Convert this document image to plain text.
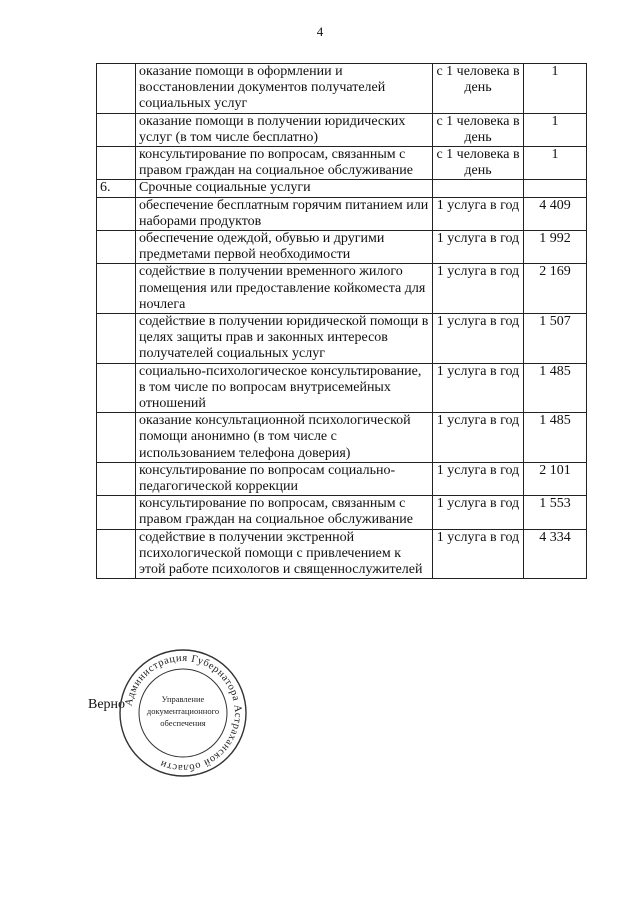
4
	оказание помощи в оформлении и восстановлении документов получателей социальных услуг	с 1 человека в день	1
	оказание помощи в получении юридических услуг (в том числе бесплатно)	с 1 человека в день	1
	консультирование по вопросам, связанным с правом граждан на социальное обслуживание	с 1 человека в день	1
6.	Срочные социальные услуги		
	обеспечение бесплатным горячим питанием или наборами продуктов	1 услуга в год	4 409
	обеспечение одеждой, обувью и другими предметами первой необходимости	1 услуга в год	1 992
	содействие в получении временного жилого помещения или предоставление койкоместа для ночлега	1 услуга в год	2 169
	содействие в получении юридической помощи в целях защиты прав и законных интересов получателей социальных услуг	1 услуга в год	1 507
	социально-психологическое консультирование, в том числе по вопросам внутрисемейных отношений	1 услуга в год	1 485
	оказание консультационной психологической помощи анонимно (в том числе с использованием телефона доверия)	1 услуга в год	1 485
	консультирование по вопросам социально-педагогической коррекции	1 услуга в год	2 101
	консультирование по вопросам, связанным с правом граждан на социальное обслуживание	1 услуга в год	1 553
	содействие в получении экстренной психологической помощи с привлечением к этой работе психологов и священнослужителей	1 услуга в год	4 334
Верно
Администрация Губернатора Астраханской области
Управление
документационного
обеспечения
